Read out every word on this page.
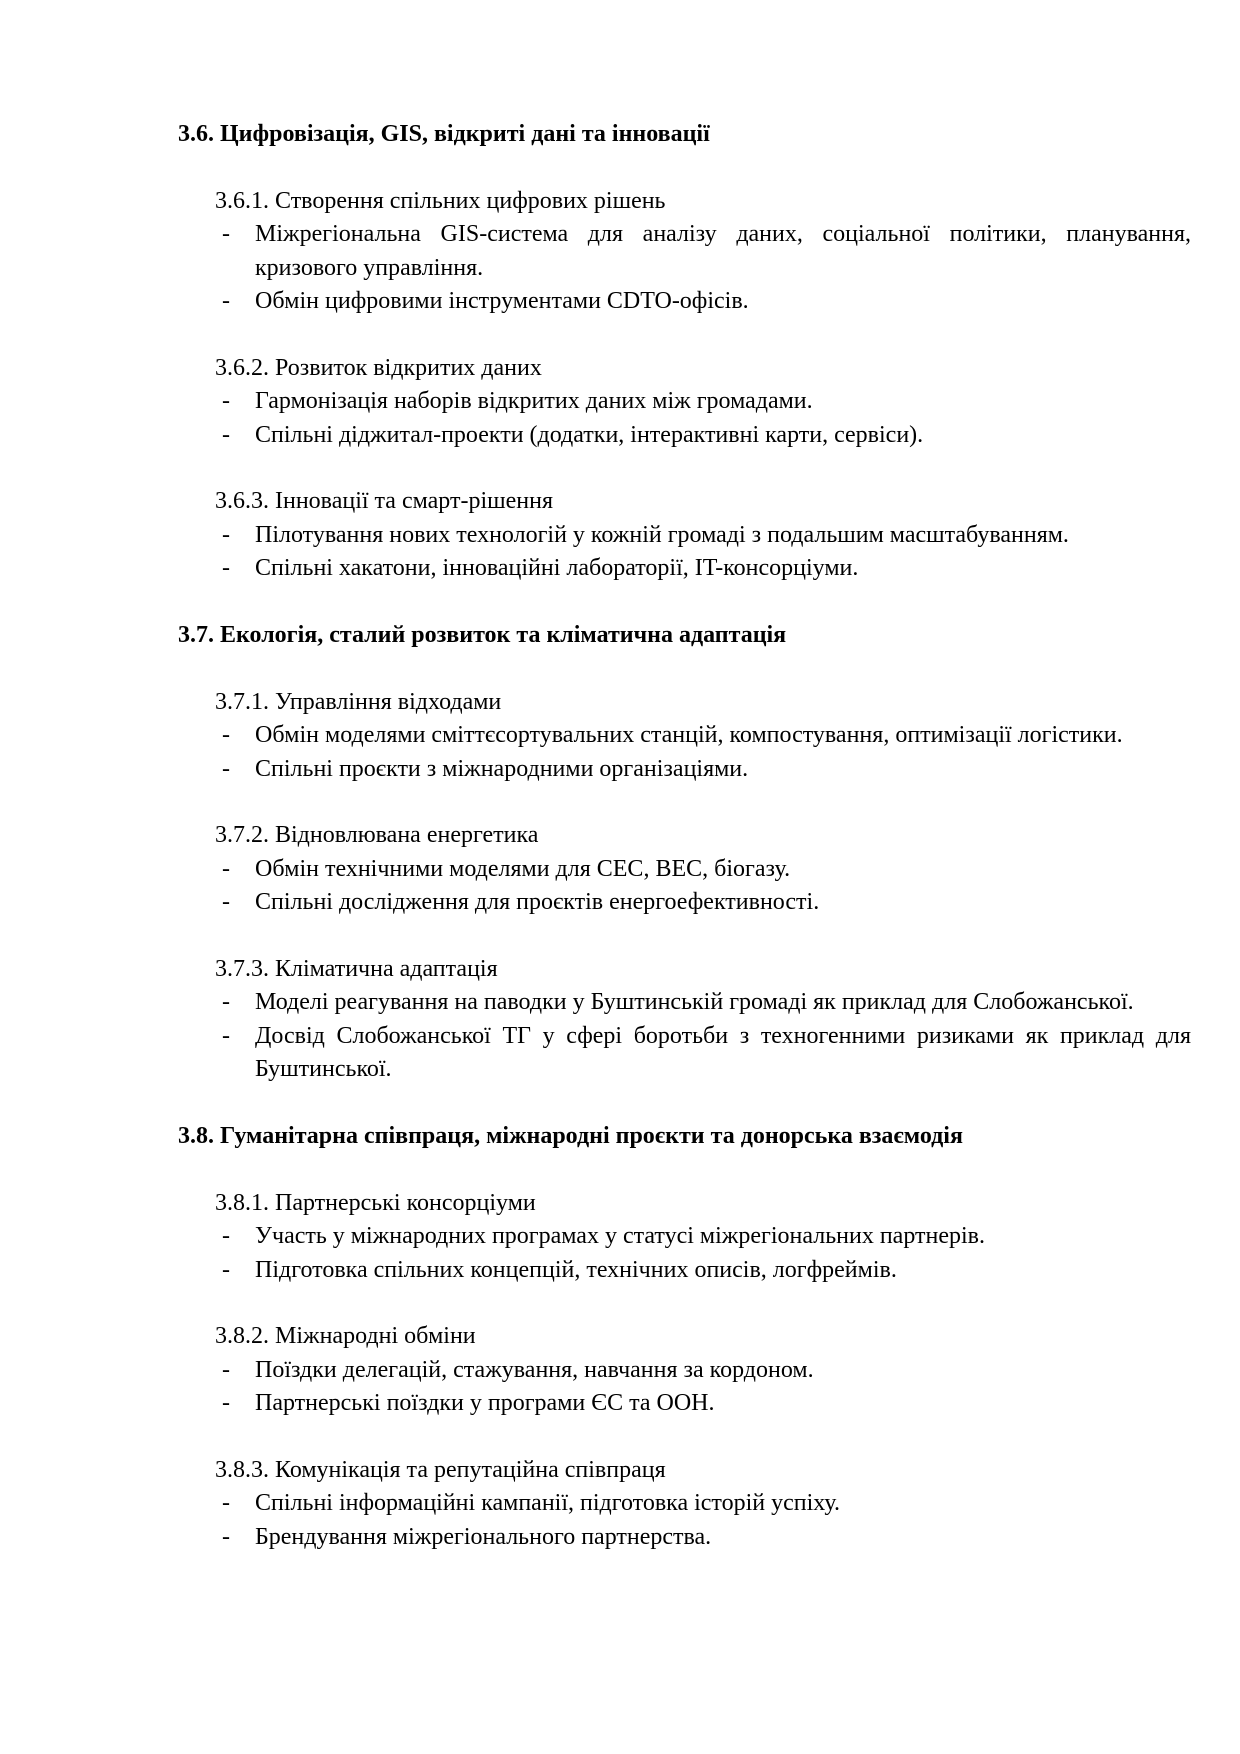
3.6. Цифровізація, GIS, відкриті дані та інновації
3.6.1. Створення спільних цифрових рішень
- Міжрегіональна GIS-система для аналізу даних, соціальної політики, планування, кризового управління.
- Обмін цифровими інструментами CDTO-офісів.
3.6.2. Розвиток відкритих даних
- Гармонізація наборів відкритих даних між громадами.
- Спільні діджитал-проекти (додатки, інтерактивні карти, сервіси).
3.6.3. Інновації та смарт-рішення
- Пілотування нових технологій у кожній громаді з подальшим масштабуванням.
- Спільні хакатони, інноваційні лабораторії, IT-консорціуми.
3.7. Екологія, сталий розвиток та кліматична адаптація
3.7.1. Управління відходами
- Обмін моделями сміттєсортувальних станцій, компостування, оптимізації логістики.
- Спільні проєкти з міжнародними організаціями.
3.7.2. Відновлювана енергетика
- Обмін технічними моделями для СЕС, ВЕС, біогазу.
- Спільні дослідження для проєктів енергоефективності.
3.7.3. Кліматична адаптація
- Моделі реагування на паводки у Буштинській громаді як приклад для Слобожанської.
- Досвід Слобожанської ТГ у сфері боротьби з техногенними ризиками як приклад для Буштинської.
3.8. Гуманітарна співпраця, міжнародні проєкти та донорська взаємодія
3.8.1. Партнерські консорціуми
- Участь у міжнародних програмах у статусі міжрегіональних партнерів.
- Підготовка спільних концепцій, технічних описів, логфреймів.
3.8.2. Міжнародні обміни
- Поїздки делегацій, стажування, навчання за кордоном.
- Партнерські поїздки у програми ЄС та ООН.
3.8.3. Комунікація та репутаційна співпраця
- Спільні інформаційні кампанії, підготовка історій успіху.
- Брендування міжрегіонального партнерства.
